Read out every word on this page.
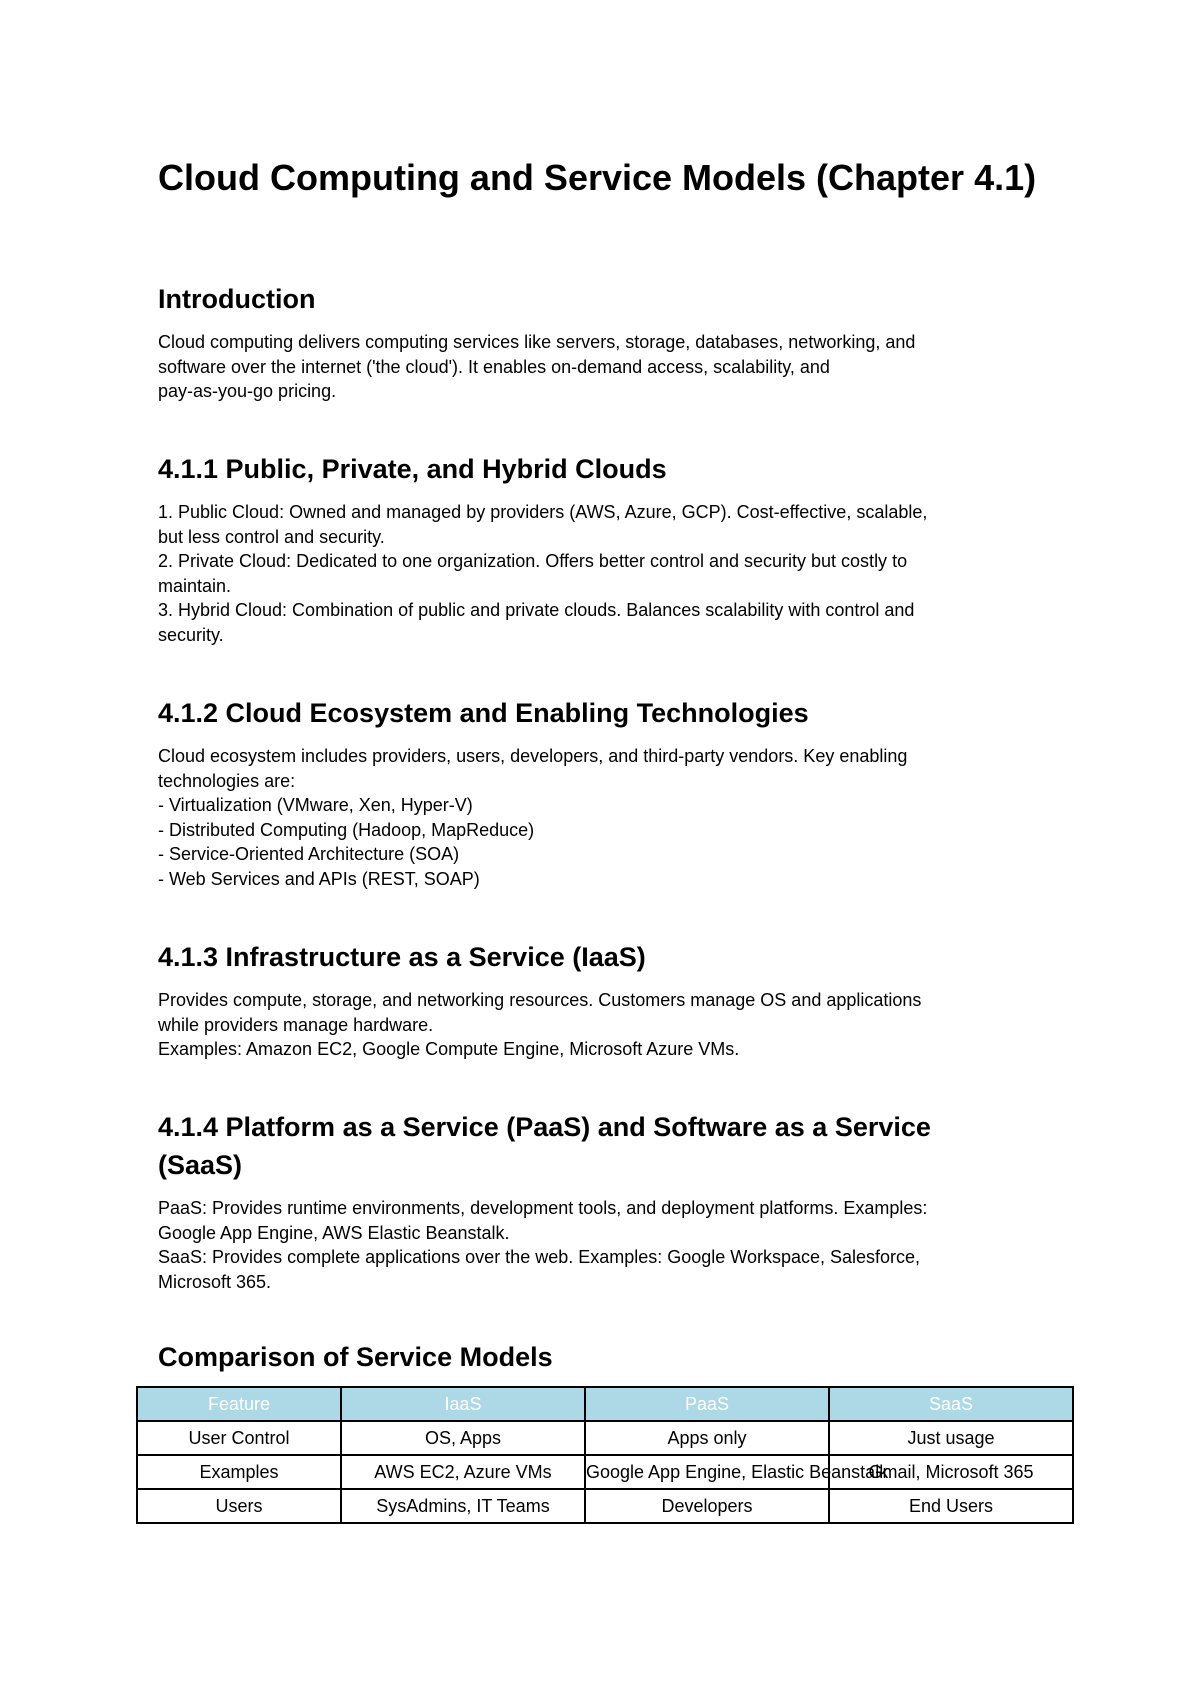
Cloud Computing and Service Models (Chapter 4.1)
Introduction
Cloud computing delivers computing services like servers, storage, databases, networking, and
software over the internet ('the cloud'). It enables on-demand access, scalability, and
pay-as-you-go pricing.
4.1.1 Public, Private, and Hybrid Clouds
1. Public Cloud: Owned and managed by providers (AWS, Azure, GCP). Cost-effective, scalable,
but less control and security.
2. Private Cloud: Dedicated to one organization. Offers better control and security but costly to
maintain.
3. Hybrid Cloud: Combination of public and private clouds. Balances scalability with control and
security.
4.1.2 Cloud Ecosystem and Enabling Technologies
Cloud ecosystem includes providers, users, developers, and third-party vendors. Key enabling
technologies are:
- Virtualization (VMware, Xen, Hyper-V)
- Distributed Computing (Hadoop, MapReduce)
- Service-Oriented Architecture (SOA)
- Web Services and APIs (REST, SOAP)
4.1.3 Infrastructure as a Service (IaaS)
Provides compute, storage, and networking resources. Customers manage OS and applications
while providers manage hardware.
Examples: Amazon EC2, Google Compute Engine, Microsoft Azure VMs.
4.1.4 Platform as a Service (PaaS) and Software as a Service
(SaaS)
PaaS: Provides runtime environments, development tools, and deployment platforms. Examples:
Google App Engine, AWS Elastic Beanstalk.
SaaS: Provides complete applications over the web. Examples: Google Workspace, Salesforce,
Microsoft 365.
Comparison of Service Models
Feature	IaaS	PaaS	SaaS
User Control	OS, Apps	Apps only	Just usage
Examples	AWS EC2, Azure VMs	Google App Engine, Elastic Beanstalk	Gmail, Microsoft 365
Users	SysAdmins, IT Teams	Developers	End Users
